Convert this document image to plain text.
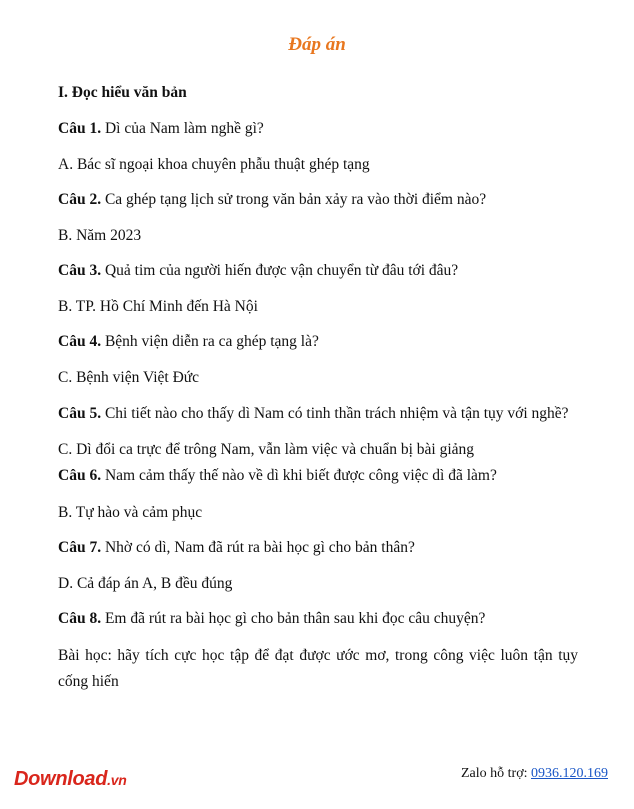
Đáp án
I. Đọc hiểu văn bản
Câu 1. Dì của Nam làm nghề gì?
A. Bác sĩ ngoại khoa chuyên phẫu thuật ghép tạng
Câu 2. Ca ghép tạng lịch sử trong văn bản xảy ra vào thời điểm nào?
B. Năm 2023
Câu 3. Quả tim của người hiến được vận chuyển từ đâu tới đâu?
B. TP. Hồ Chí Minh đến Hà Nội
Câu 4. Bệnh viện diễn ra ca ghép tạng là?
C. Bệnh viện Việt Đức
Câu 5. Chi tiết nào cho thấy dì Nam có tinh thần trách nhiệm và tận tụy với nghề?
C. Dì đổi ca trực để trông Nam, vẫn làm việc và chuẩn bị bài giảng
Câu 6. Nam cảm thấy thế nào về dì khi biết được công việc dì đã làm?
B. Tự hào và cảm phục
Câu 7. Nhờ có dì, Nam đã rút ra bài học gì cho bản thân?
D. Cả đáp án A, B đều đúng
Câu 8. Em đã rút ra bài học gì cho bản thân sau khi đọc câu chuyện?
Bài học: hãy tích cực học tập để đạt được ước mơ, trong công việc luôn tận tụy cống hiến
Download.vn	Zalo hỗ trợ: 0936.120.169
